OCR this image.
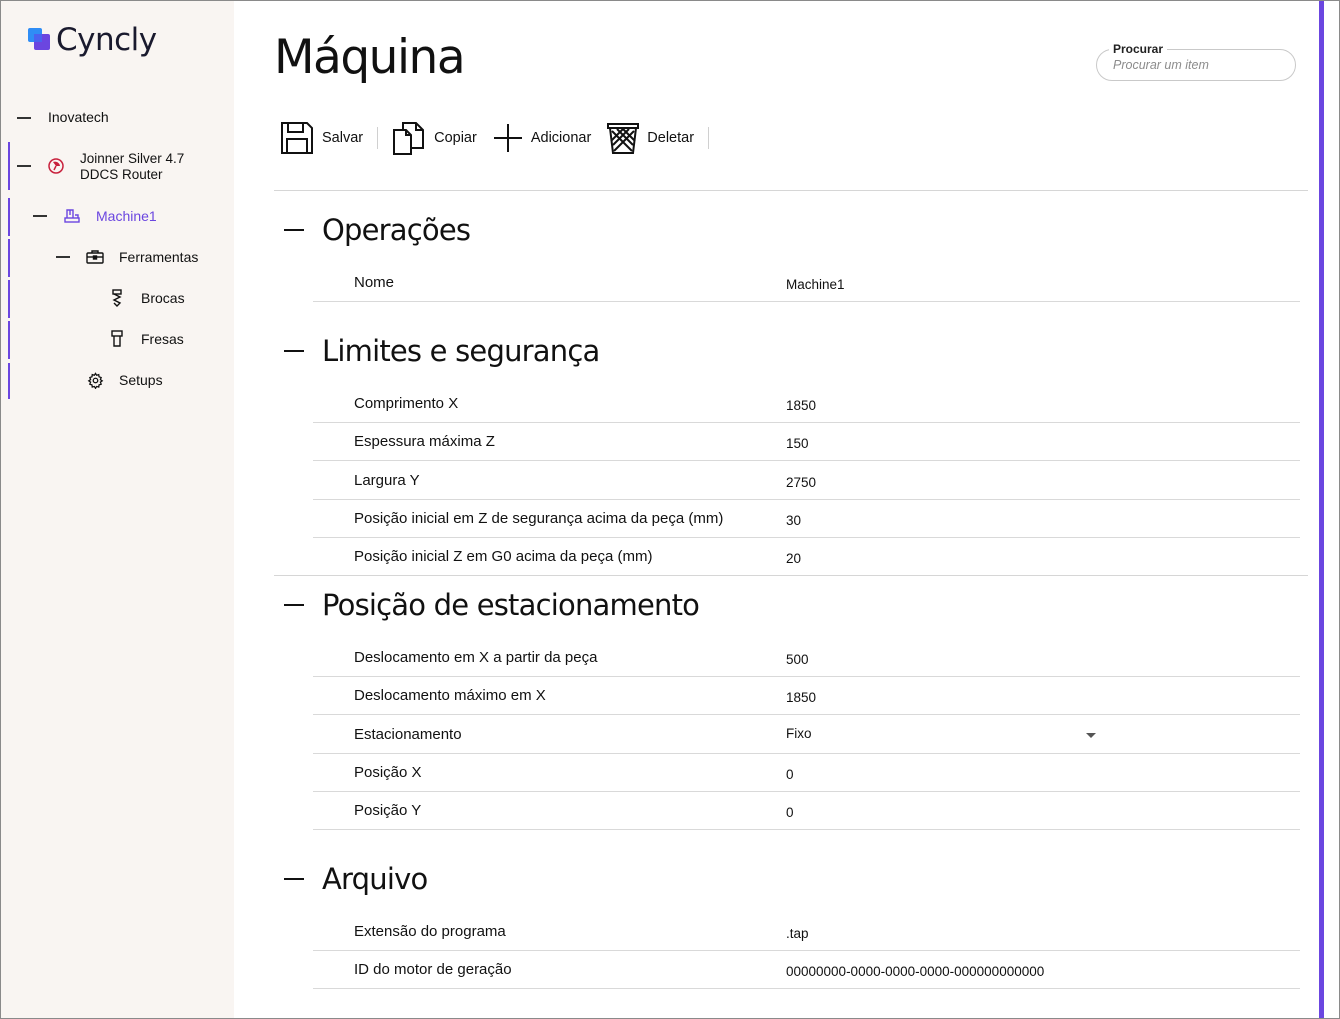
Cyncly
Inovatech
Joinner Silver 4.7
DDCS Router
Machine1
Ferramentas
Brocas
Fresas
Setups
Máquina	Procurar
Procurar um item
Salvar	Copiar	Adicionar	Deletar
Operações
Nome	Machine1
Limites e segurança
Comprimento X	1850
Espessura máxima Z	150
Largura Y	2750
Posição inicial em Z de segurança acima da peça (mm)	30
Posição inicial Z em G0 acima da peça (mm)	20
Posição de estacionamento
Deslocamento em X a partir da peça	500
Deslocamento máximo em X	1850
Estacionamento	Fixo
Posição X	0
Posição Y	0
Arquivo
Extensão do programa	.tap
ID do motor de geração	00000000-0000-0000-0000-000000000000
